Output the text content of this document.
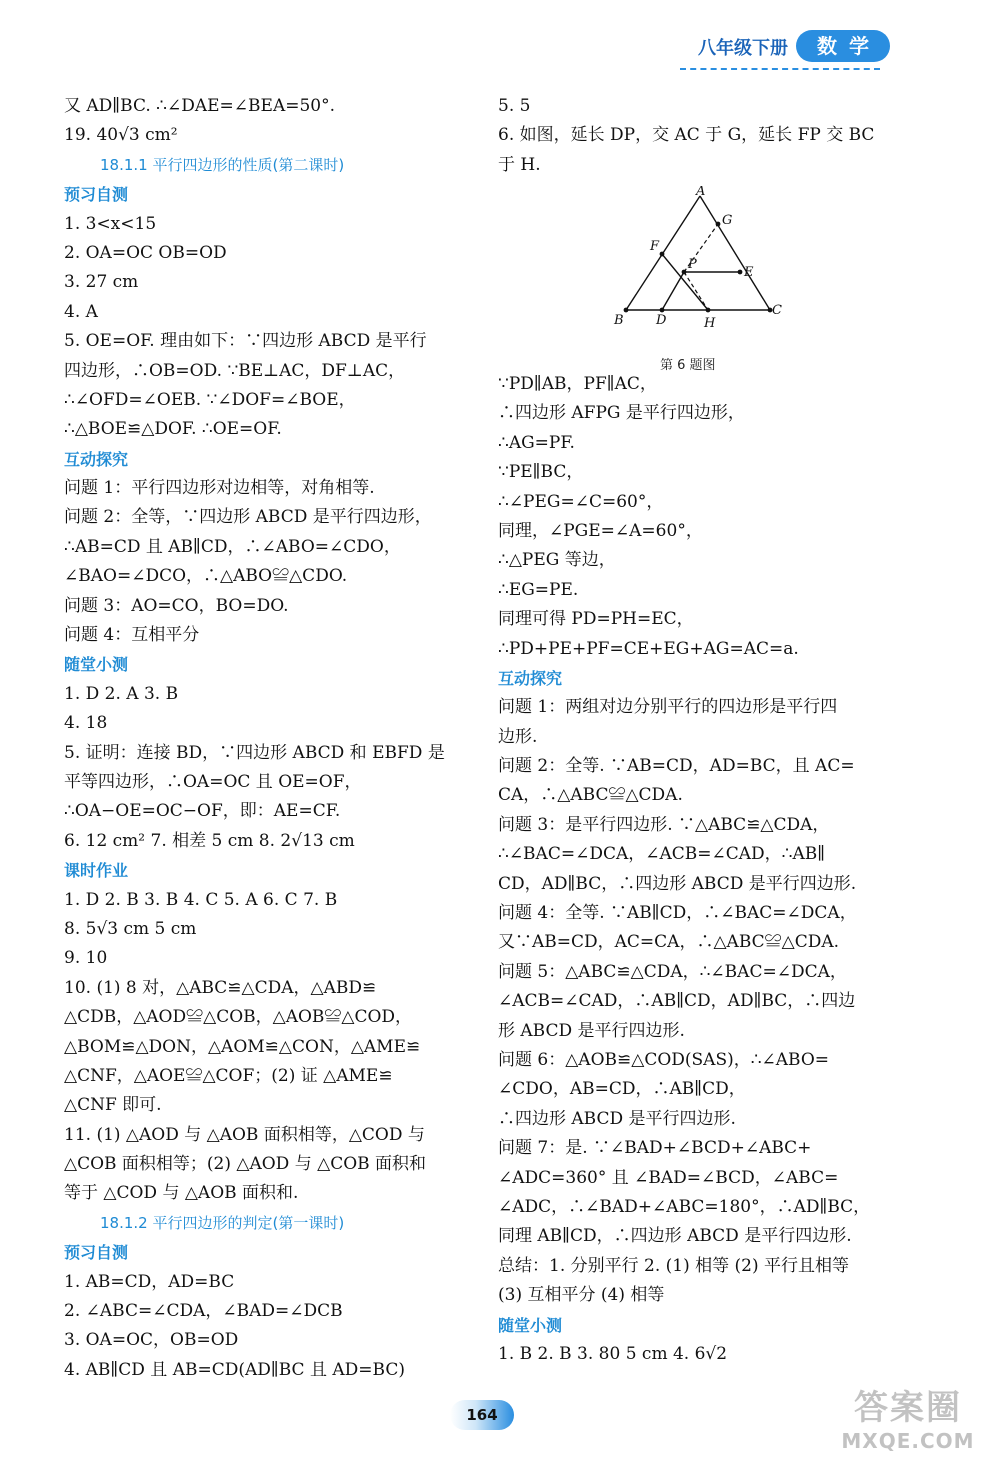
八年级下册	数学
又 AD∥BC. ∴∠DAE=∠BEA=50°.
19. 40√3 cm²
18.1.1 平行四边形的性质(第二课时)
预习自测
1. 3<x<15
2. OA=OC OB=OD
3. 27 cm
4. A
5. OE=OF. 理由如下：∵四边形 ABCD 是平行
四边形，∴OB=OD. ∵BE⊥AC，DF⊥AC，
∴∠OFD=∠OEB. ∵∠DOF=∠BOE，
∴△BOE≌△DOF. ∴OE=OF.
互动探究
问题 1：平行四边形对边相等，对角相等.
问题 2：全等，∵四边形 ABCD 是平行四边形，
∴AB=CD 且 AB∥CD，∴∠ABO=∠CDO，
∠BAO=∠DCO，∴△ABO≌△CDO.
问题 3：AO=CO，BO=DO.
问题 4：互相平分
随堂小测
1. D 2. A 3. B
4. 18
5. 证明：连接 BD，∵四边形 ABCD 和 EBFD 是
平等四边形，∴OA=OC 且 OE=OF，
∴OA−OE=OC−OF，即：AE=CF.
6. 12 cm² 7. 相差 5 cm 8. 2√13 cm
课时作业
1. D 2. B 3. B 4. C 5. A 6. C 7. B
8. 5√3 cm 5 cm
9. 10
10. (1) 8 对，△ABC≌△CDA，△ABD≌
△CDB，△AOD≌△COB，△AOB≌△COD，
△BOM≌△DON，△AOM≌△CON，△AME≌
△CNF，△AOE≌△COF；(2) 证 △AME≌
△CNF 即可.
11. (1) △AOD 与 △AOB 面积相等，△COD 与
△COB 面积相等；(2) △AOD 与 △COB 面积和
等于 △COD 与 △AOB 面积和.
18.1.2 平行四边形的判定(第一课时)
预习自测
1. AB=CD，AD=BC
2. ∠ABC=∠CDA，∠BAD=∠DCB
3. OA=OC，OB=OD
4. AB∥CD 且 AB=CD(AD∥BC 且 AD=BC)
5. 5
6. 如图，延长 DP，交 AC 于 G，延长 FP 交 BC
于 H.
A
G
F
P
E
B D	H
C
第 6 题图
∵PD∥AB，PF∥AC，
∴四边形 AFPG 是平行四边形，
∴AG=PF.
∵PE∥BC，
∴∠PEG=∠C=60°，
同理，∠PGE=∠A=60°，
∴△PEG 等边，
∴EG=PE.
同理可得 PD=PH=EC，
∴PD+PE+PF=CE+EG+AG=AC=a.
互动探究
问题 1：两组对边分别平行的四边形是平行四
边形.
问题 2：全等. ∵AB=CD，AD=BC，且 AC=
CA，∴△ABC≌△CDA.
问题 3：是平行四边形. ∵△ABC≌△CDA，
∴∠BAC=∠DCA，∠ACB=∠CAD，∴AB∥
CD，AD∥BC，∴四边形 ABCD 是平行四边形.
问题 4：全等. ∵AB∥CD，∴∠BAC=∠DCA，
又∵AB=CD，AC=CA，∴△ABC≌△CDA.
问题 5：△ABC≌△CDA，∴∠BAC=∠DCA，
∠ACB=∠CAD，∴AB∥CD，AD∥BC，∴四边
形 ABCD 是平行四边形.
问题 6：△AOB≌△COD(SAS)，∴∠ABO=
∠CDO，AB=CD，∴AB∥CD，
∴四边形 ABCD 是平行四边形.
问题 7：是. ∵∠BAD+∠BCD+∠ABC+
∠ADC=360° 且 ∠BAD=∠BCD，∠ABC=
∠ADC，∴∠BAD+∠ABC=180°，∴AD∥BC，
同理 AB∥CD，∴四边形 ABCD 是平行四边形.
总结：1. 分别平行 2. (1) 相等 (2) 平行且相等
(3) 互相平分 (4) 相等
随堂小测
1. B 2. B 3. 80 5 cm 4. 6√2
164	答案圈
MXQE.COM
